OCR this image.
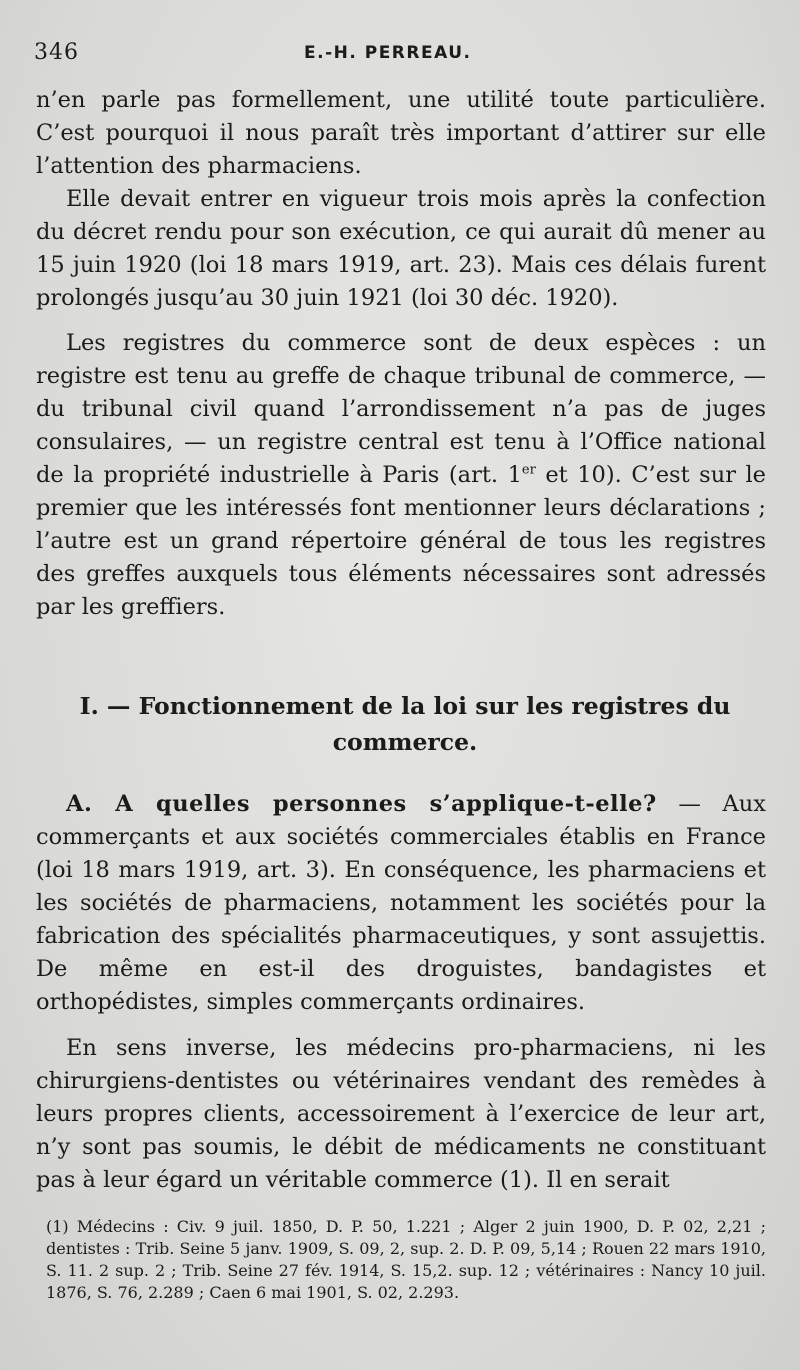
346	E.-H. PERREAU.

n’en parle pas formellement, une utilité toute particulière. C’est pourquoi il nous paraît très important d’attirer sur elle l’attention des pharmaciens.

Elle devait entrer en vigueur trois mois après la confection du décret rendu pour son exécution, ce qui aurait dû mener au 15 juin 1920 (loi 18 mars 1919, art. 23). Mais ces délais furent prolongés jusqu’au 30 juin 1921 (loi 30 déc. 1920).

Les registres du commerce sont de deux espèces : un registre est tenu au greffe de chaque tribunal de commerce, — du tribunal civil quand l’arrondissement n’a pas de juges consulaires, — un registre central est tenu à l’Office national de la propriété industrielle à Paris (art. 1er et 10). C’est sur le premier que les intéressés font mentionner leurs déclarations ; l’autre est un grand répertoire général de tous les registres des greffes auxquels tous éléments nécessaires sont adressés par les greffiers.

I. — Fonctionnement de la loi sur les registres du commerce.

A. A quelles personnes s’applique-t-elle? — Aux commerçants et aux sociétés commerciales établis en France (loi 18 mars 1919, art. 3). En conséquence, les pharmaciens et les sociétés de pharmaciens, notamment les sociétés pour la fabrication des spécialités pharmaceutiques, y sont assujettis. De même en est-il des droguistes, bandagistes et orthopédistes, simples commerçants ordinaires.

En sens inverse, les médecins pro-pharmaciens, ni les chirurgiens-dentistes ou vétérinaires vendant des remèdes à leurs propres clients, accessoirement à l’exercice de leur art, n’y sont pas soumis, le débit de médicaments ne constituant pas à leur égard un véritable commerce (1). Il en serait

(1) Médecins : Civ. 9 juil. 1850, D. P. 50, 1.221 ; Alger 2 juin 1900, D. P. 02, 2,21 ; dentistes : Trib. Seine 5 janv. 1909, S. 09, 2, sup. 2. D. P. 09, 5,14 ; Rouen 22 mars 1910, S. 11. 2 sup. 2 ; Trib. Seine 27 fév. 1914, S. 15,2. sup. 12 ; vétérinaires : Nancy 10 juil. 1876, S. 76, 2.289 ; Caen 6 mai 1901, S. 02, 2.293.
